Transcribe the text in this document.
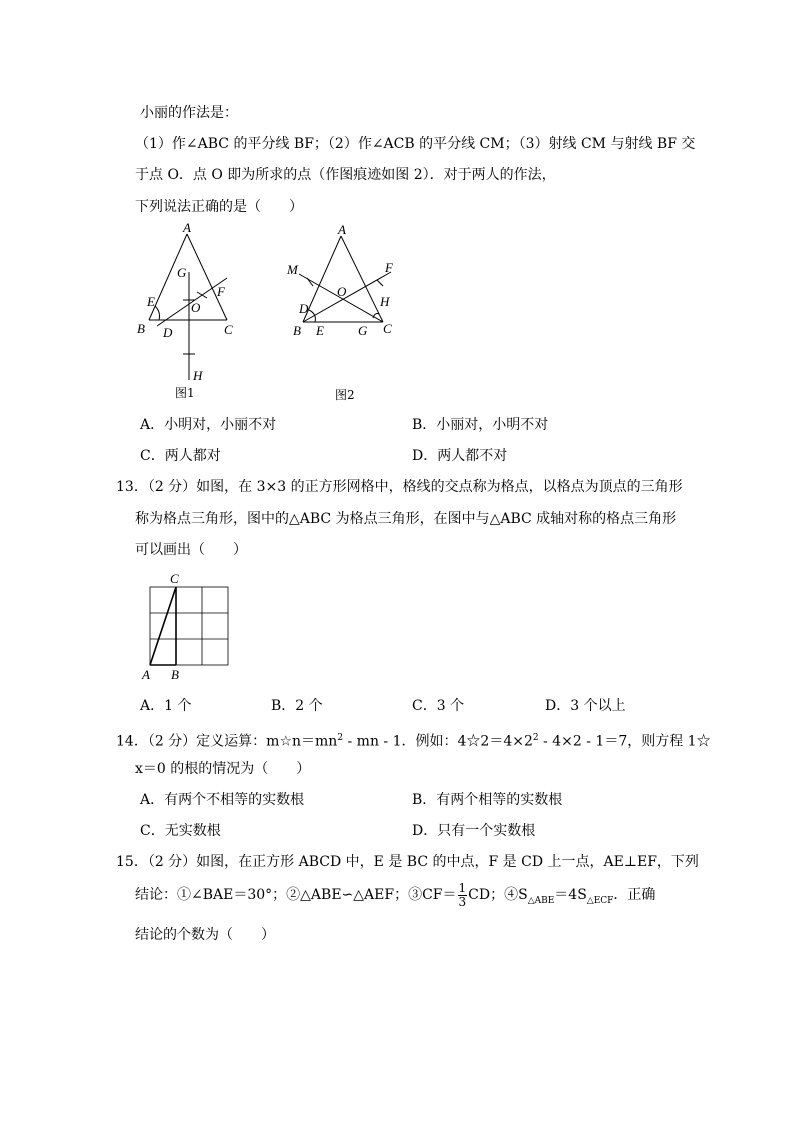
小丽的作法是：
（1）作∠ABC 的平分线 BF；（2）作∠ACB 的平分线 CM；（3）射线 CM 与射线 BF 交
于点 O．点 O 即为所求的点（作图痕迹如图 2）．对于两人的作法，
下列说法正确的是（　　）
A
G
E
F
O
B D	C
H
图1
A
M	F
D
O
H
B E	G C
图2
A．小明对，小丽不对	B．小丽对，小明不对
C．两人都对	D．两人都不对
13．（2 分）如图，在 3×3 的正方形网格中，格线的交点称为格点，以格点为顶点的三角形
称为格点三角形，图中的△ABC 为格点三角形，在图中与△ABC 成轴对称的格点三角形
可以画出（　　）
C
A B
A．1 个	B．2 个	C．3 个	D．3 个以上
14．（2 分）定义运算：$m☆n=mn^2$ - mn - 1．例如：$4☆2=4\times 2^2 - 4\times 2 - 1=7$，则方程 1☆
x＝0 的根的情况为（　　）
A．有两个不相等的实数根	B．有两个相等的实数根
C．无实数根	D．只有一个实数根
15．（2 分）如图，在正方形 ABCD 中，E 是 BC 的中点，F 是 CD 上一点，AE⊥EF，下列
结论：①∠BAE＝30°；②△ABE∽△AEF；③CF＝ $\frac{1}{3}$ CD；$④S_{\triangle ABE}=4S_{\triangle ECF}$．正确
结论的个数为（　　）
